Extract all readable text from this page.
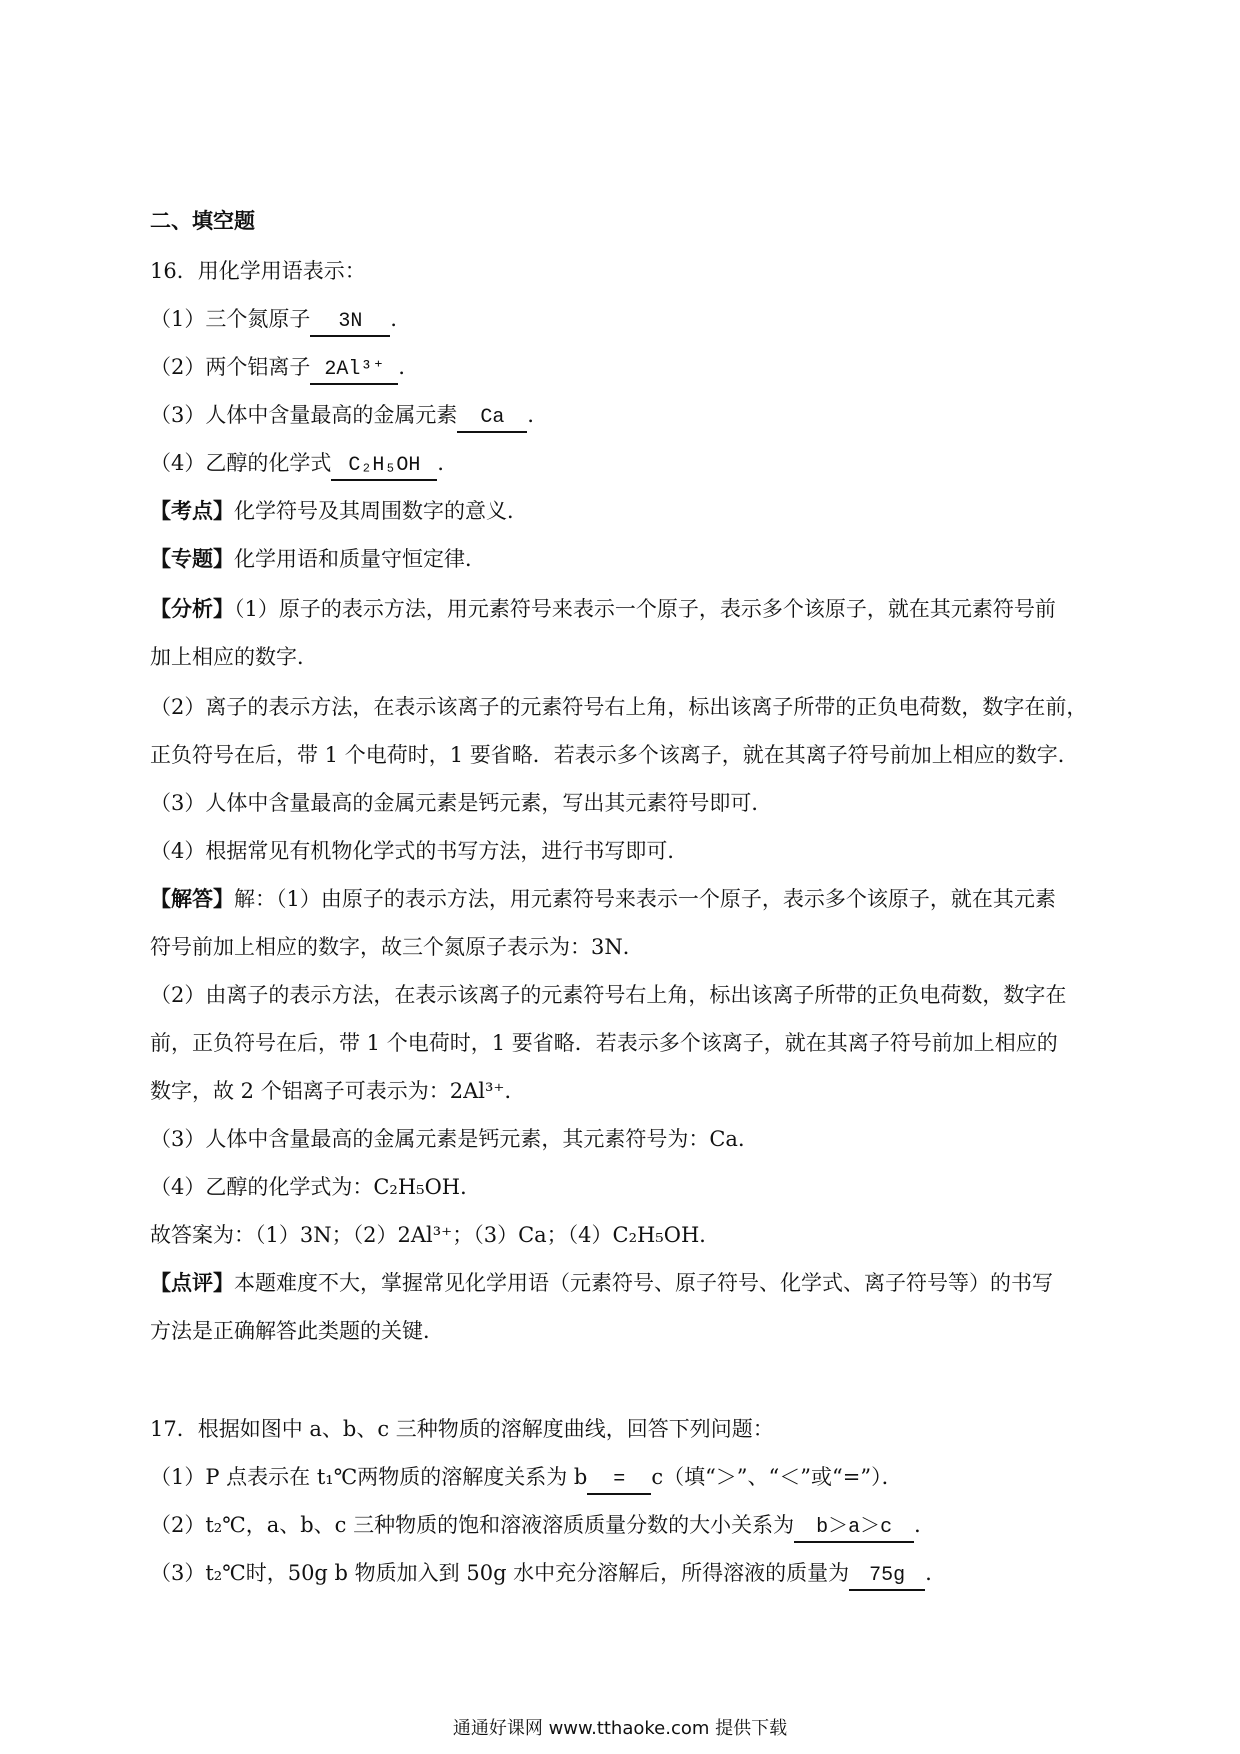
二、填空题
16．用化学用语表示：
（1）三个氮原子 3N ．
（2）两个铝离子 2Al³⁺ ．
（3）人体中含量最高的金属元素 Ca ．
（4）乙醇的化学式 C₂H₅OH ．
【考点】化学符号及其周围数字的意义．
【专题】化学用语和质量守恒定律．
【分析】（1）原子的表示方法，用元素符号来表示一个原子，表示多个该原子，就在其元素符号前
加上相应的数字．
（2）离子的表示方法，在表示该离子的元素符号右上角，标出该离子所带的正负电荷数，数字在前，
正负符号在后，带 1 个电荷时，1 要省略．若表示多个该离子，就在其离子符号前加上相应的数字．
（3）人体中含量最高的金属元素是钙元素，写出其元素符号即可．
（4）根据常见有机物化学式的书写方法，进行书写即可．
【解答】解：（1）由原子的表示方法，用元素符号来表示一个原子，表示多个该原子，就在其元素
符号前加上相应的数字，故三个氮原子表示为：3N．
（2）由离子的表示方法，在表示该离子的元素符号右上角，标出该离子所带的正负电荷数，数字在
前，正负符号在后，带 1 个电荷时，1 要省略．若表示多个该离子，就在其离子符号前加上相应的
数字，故 2 个铝离子可表示为：2Al³⁺．
（3）人体中含量最高的金属元素是钙元素，其元素符号为：Ca．
（4）乙醇的化学式为：C₂H₅OH．
故答案为：（1）3N；（2）2Al³⁺；（3）Ca；（4）C₂H₅OH．
【点评】本题难度不大，掌握常见化学用语（元素符号、原子符号、化学式、离子符号等）的书写
方法是正确解答此类题的关键．
17．根据如图中 a、b、c 三种物质的溶解度曲线，回答下列问题：
（1）P 点表示在 t₁℃两物质的溶解度关系为 b = c（填“＞”、“＜”或“=”）．
（2）t₂℃，a、b、c 三种物质的饱和溶液溶质质量分数的大小关系为 b＞a＞c ．
（3）t₂℃时，50g b 物质加入到 50g 水中充分溶解后，所得溶液的质量为 75g ．
通通好课网 www.tthaoke.com 提供下载
